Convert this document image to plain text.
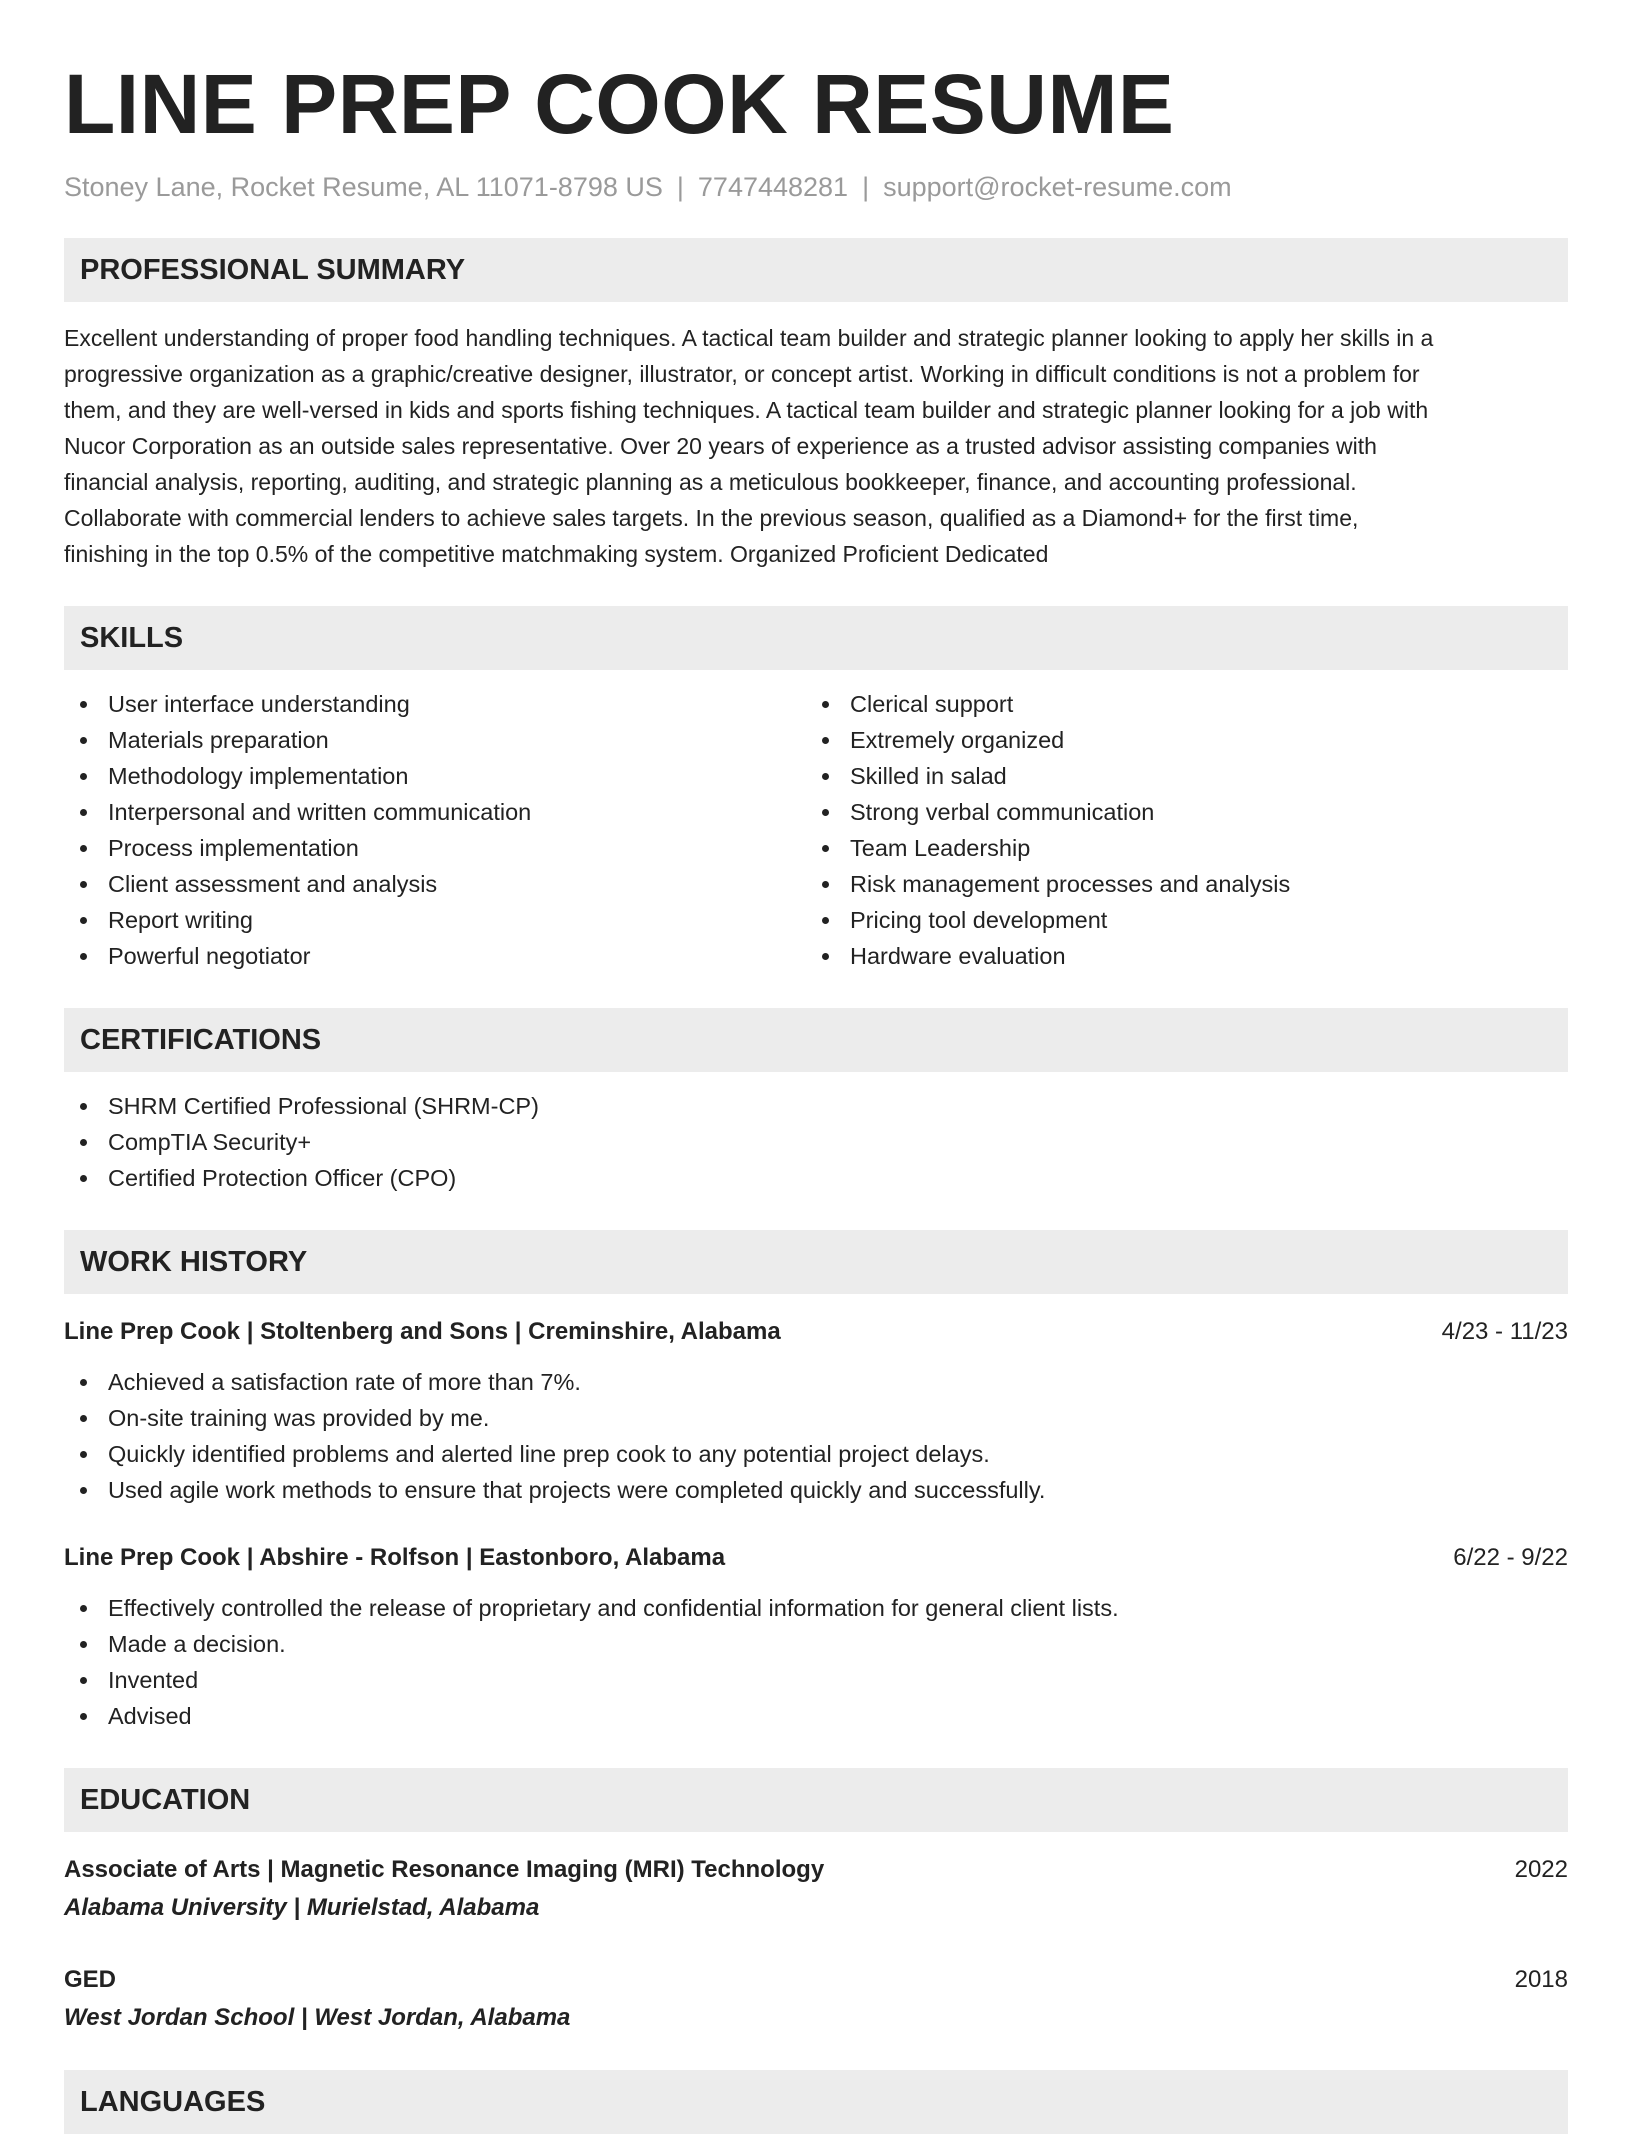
LINE PREP COOK RESUME
Stoney Lane, Rocket Resume, AL 11071-8798 US | 7747448281 | support@rocket-resume.com
PROFESSIONAL SUMMARY
Excellent understanding of proper food handling techniques. A tactical team builder and strategic planner looking to apply her skills in a
progressive organization as a graphic/creative designer, illustrator, or concept artist. Working in difficult conditions is not a problem for
them, and they are well-versed in kids and sports fishing techniques. A tactical team builder and strategic planner looking for a job with
Nucor Corporation as an outside sales representative. Over 20 years of experience as a trusted advisor assisting companies with
financial analysis, reporting, auditing, and strategic planning as a meticulous bookkeeper, finance, and accounting professional.
Collaborate with commercial lenders to achieve sales targets. In the previous season, qualified as a Diamond+ for the first time,
finishing in the top 0.5% of the competitive matchmaking system. Organized Proficient Dedicated
SKILLS
User interface understanding
Materials preparation
Methodology implementation
Interpersonal and written communication
Process implementation
Client assessment and analysis
Report writing
Powerful negotiator
Clerical support
Extremely organized
Skilled in salad
Strong verbal communication
Team Leadership
Risk management processes and analysis
Pricing tool development
Hardware evaluation
CERTIFICATIONS
SHRM Certified Professional (SHRM-CP)
CompTIA Security+
Certified Protection Officer (CPO)
WORK HISTORY
Line Prep Cook | Stoltenberg and Sons | Creminshire, Alabama	4/23 - 11/23
Achieved a satisfaction rate of more than 7%.
On-site training was provided by me.
Quickly identified problems and alerted line prep cook to any potential project delays.
Used agile work methods to ensure that projects were completed quickly and successfully.
Line Prep Cook | Abshire - Rolfson | Eastonboro, Alabama	6/22 - 9/22
Effectively controlled the release of proprietary and confidential information for general client lists.
Made a decision.
Invented
Advised
EDUCATION
Associate of Arts | Magnetic Resonance Imaging (MRI) Technology	2022
Alabama University | Murielstad, Alabama
GED	2018
West Jordan School | West Jordan, Alabama
LANGUAGES
